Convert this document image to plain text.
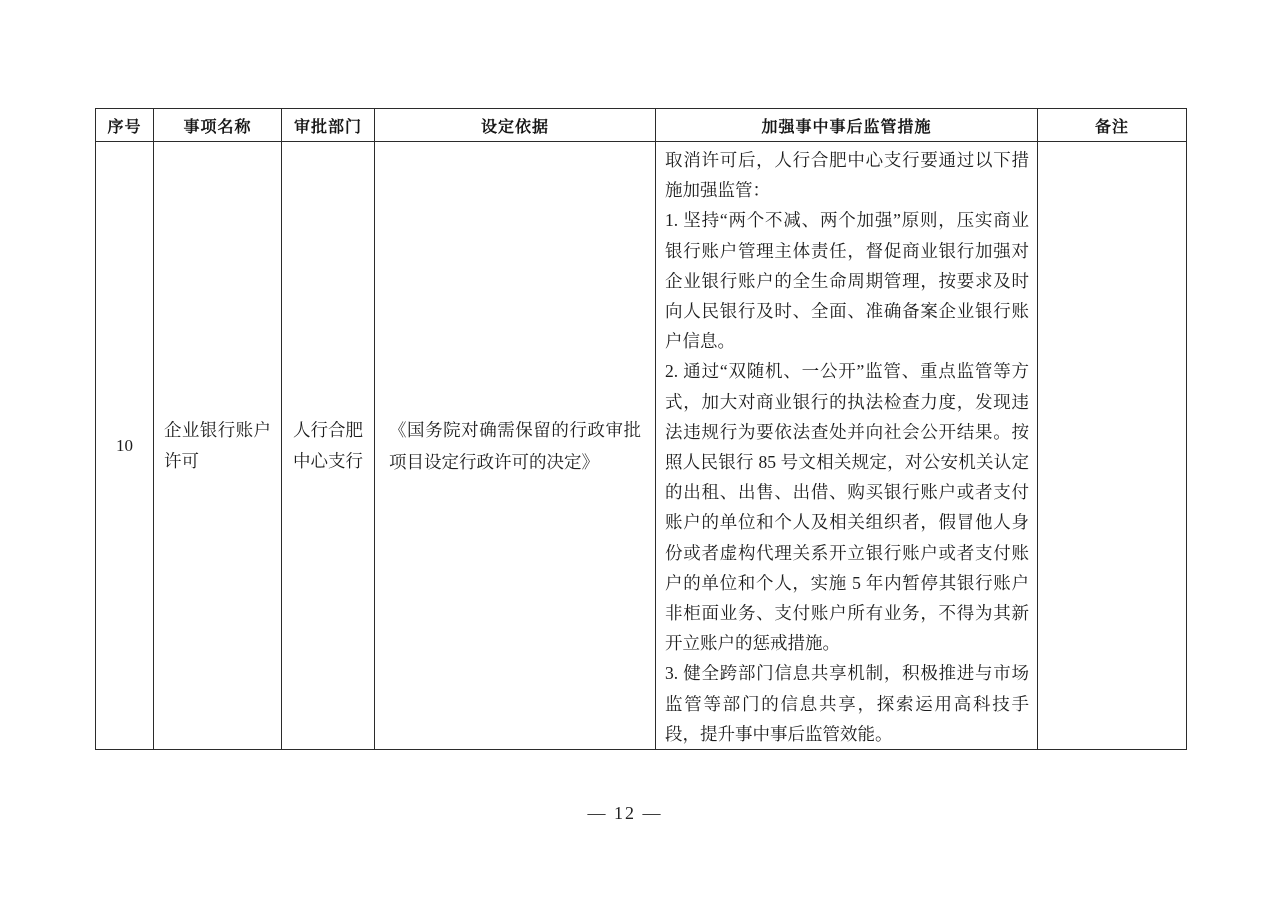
序号	事项名称	审批部门	设定依据	加强事中事后监管措施	备注
10	企业银行账户许可	人行合肥中心支行	《国务院对确需保留的行政审批项目设定行政许可的决定》	取消许可后，人行合肥中心支行要通过以下措施加强监管：

1. 坚持“两个不减、两个加强”原则，压实商业银行账户管理主体责任，督促商业银行加强对企业银行账户的全生命周期管理，按要求及时向人民银行及时、全面、准确备案企业银行账户信息。

2. 通过“双随机、一公开”监管、重点监管等方式，加大对商业银行的执法检查力度，发现违法违规行为要依法查处并向社会公开结果。按照人民银行 85 号文相关规定，对公安机关认定的出租、出售、出借、购买银行账户或者支付账户的单位和个人及相关组织者，假冒他人身份或者虚构代理关系开立银行账户或者支付账户的单位和个人，实施 5 年内暂停其银行账户非柜面业务、支付账户所有业务，不得为其新开立账户的惩戒措施。

3. 健全跨部门信息共享机制，积极推进与市场监管等部门的信息共享，探索运用高科技手段，提升事中事后监管效能。	

— 12 —
